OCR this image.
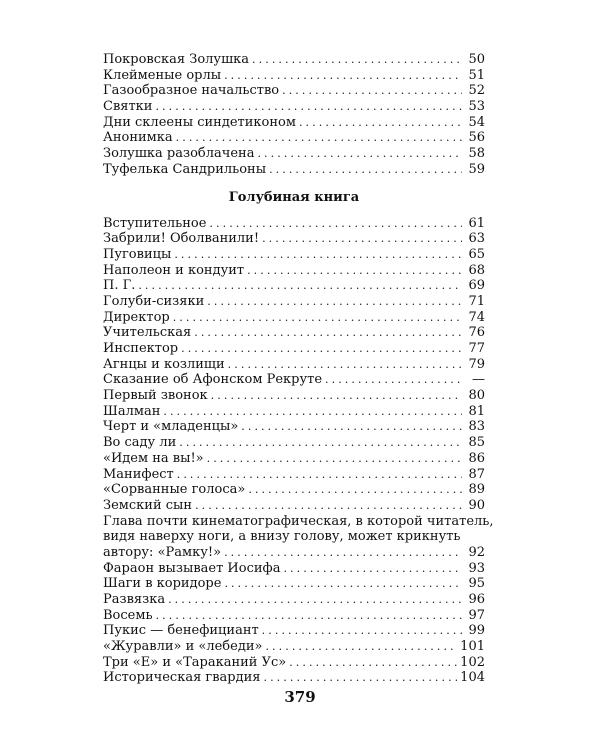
Покровская Золушка . . .	50
Клейменые орлы . . .	51
Газообразное начальство . . .	52
Святки . . .	53
Дни склеены синдетиконом . . .	54
Анонимка . . .	56
Золушка разоблачена . . .	58
Туфелька Сандрильоны . . .	59
Голубиная книга
Вступительное . . .	61
Забрили! Оболванили! . . .	63
Пуговицы . . .	65
Наполеон и кондуит . . .	68
П. Г. . . .	69
Голуби-сизяки . . .	71
Директор . . .	74
Учительская . . .	76
Инспектор . . .	77
Агнцы и козлищи . . .	79
Сказание об Афонском Рекруте . . .	—
Первый звонок . . .	80
Шалман . . .	81
Черт и «младенцы» . . .	83
Во саду ли . . .	85
«Идем на вы!» . . .	86
Манифест . . .	87
«Сорванные голоса» . . .	89
Земский сын . . .	90
Глава почти кинематографическая, в которой читатель,
видя наверху ноги, а внизу голову, может крикнуть
автору: «Рамку!» . . .	92
Фараон вызывает Иосифа . . .	93
Шаги в коридоре . . .	95
Развязка . . .	96
Восемь . . .	97
Пукис — бенефициант . . .	99
«Журавли» и «лебеди» . . .	101
Три «Е» и «Тараканий Ус» . . .	102
Историческая гвардия . . .	104
379
